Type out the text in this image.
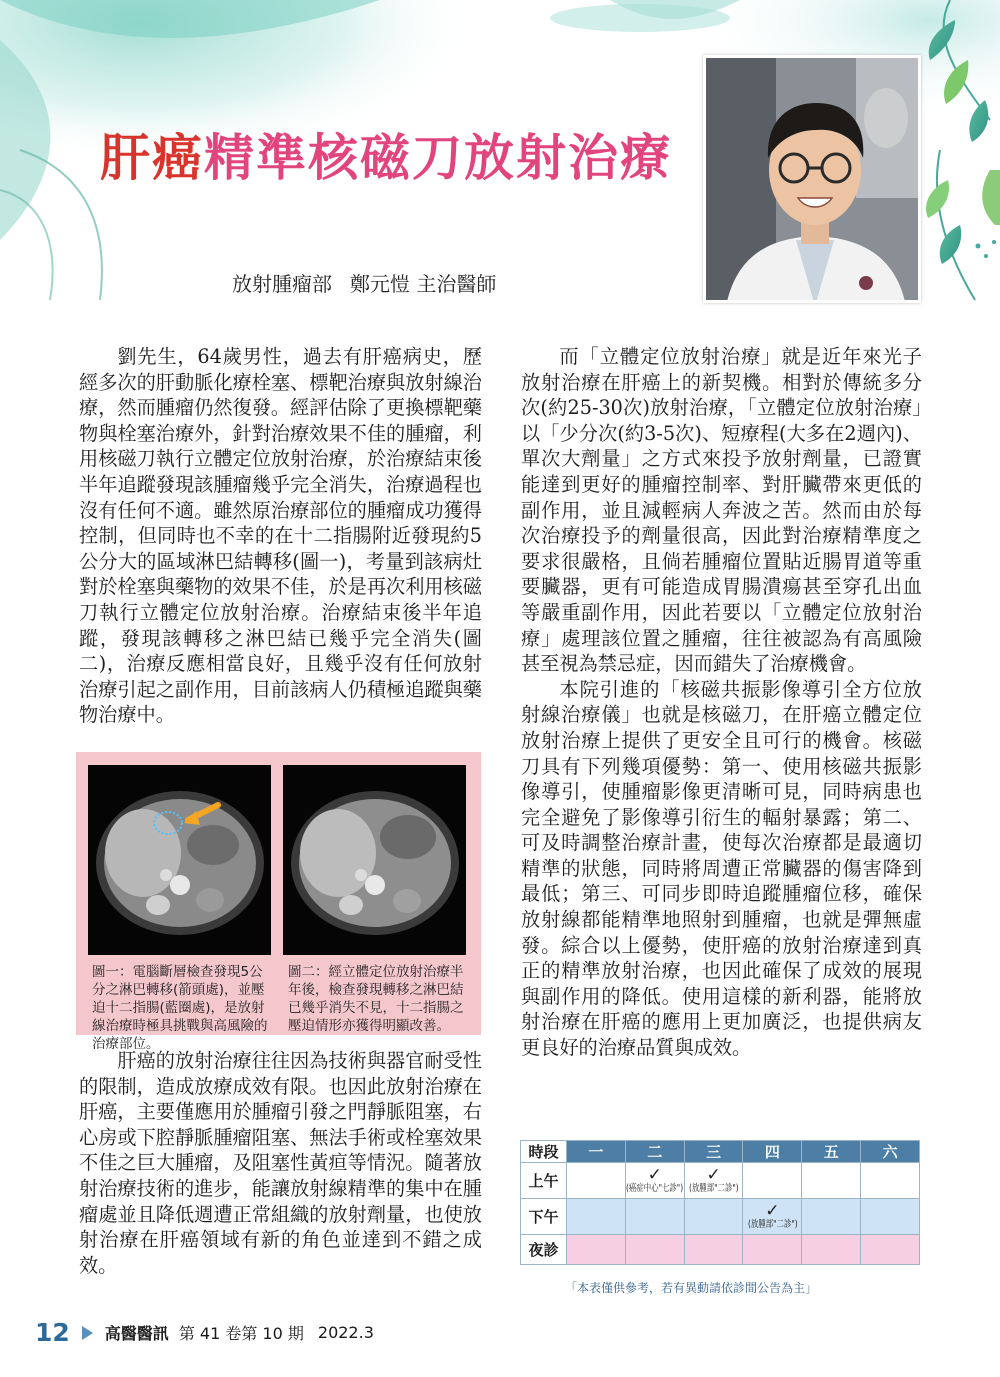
肝癌精準核磁刀放射治療
放射腫瘤部 鄭元愷 主治醫師

劉先生，64歲男性，過去有肝癌病史，歷經多次的肝動脈化療栓塞、標靶治療與放射線治療，然而腫瘤仍然復發。經評估除了更換標靶藥物與栓塞治療外，針對治療效果不佳的腫瘤，利用核磁刀執行立體定位放射治療，於治療結束後半年追蹤發現該腫瘤幾乎完全消失，治療過程也沒有任何不適。雖然原治療部位的腫瘤成功獲得控制，但同時也不幸的在十二指腸附近發現約5公分大的區域淋巴結轉移(圖一)，考量到該病灶對於栓塞與藥物的效果不佳，於是再次利用核磁刀執行立體定位放射治療。治療結束後半年追蹤，發現該轉移之淋巴結已幾乎完全消失(圖二)，治療反應相當良好，且幾乎沒有任何放射治療引起之副作用，目前該病人仍積極追蹤與藥物治療中。

圖一：電腦斷層檢查發現5公分之淋巴轉移(箭頭處)，並壓迫十二指腸(藍圈處)，是放射線治療時極具挑戰與高風險的治療部位。

圖二：經立體定位放射治療半年後，檢查發現轉移之淋巴結已幾乎消失不見，十二指腸之壓迫情形亦獲得明顯改善。

肝癌的放射治療往往因為技術與器官耐受性的限制，造成放療成效有限。也因此放射治療在肝癌，主要僅應用於腫瘤引發之門靜脈阻塞，右心房或下腔靜脈腫瘤阻塞、無法手術或栓塞效果不佳之巨大腫瘤，及阻塞性黃疸等情況。隨著放射治療技術的進步，能讓放射線精準的集中在腫瘤處並且降低週遭正常組織的放射劑量，也使放射治療在肝癌領域有新的角色並達到不錯之成效。

而「立體定位放射治療」就是近年來光子放射治療在肝癌上的新契機。相對於傳統多分次(約25-30次)放射治療，「立體定位放射治療」以「少分次(約3-5次)、短療程(大多在2週內)、單次大劑量」之方式來投予放射劑量，已證實能達到更好的腫瘤控制率、對肝臟帶來更低的副作用，並且減輕病人奔波之苦。然而由於每次治療投予的劑量很高，因此對治療精準度之要求很嚴格，且倘若腫瘤位置貼近腸胃道等重要臟器，更有可能造成胃腸潰瘍甚至穿孔出血等嚴重副作用，因此若要以「立體定位放射治療」處理該位置之腫瘤，往往被認為有高風險甚至視為禁忌症，因而錯失了治療機會。

本院引進的「核磁共振影像導引全方位放射線治療儀」也就是核磁刀，在肝癌立體定位放射治療上提供了更安全且可行的機會。核磁刀具有下列幾項優勢：第一、使用核磁共振影像導引，使腫瘤影像更清晰可見，同時病患也完全避免了影像導引衍生的輻射暴露；第二、可及時調整治療計畫，使每次治療都是最適切精準的狀態，同時將周遭正常臟器的傷害降到最低；第三、可同步即時追蹤腫瘤位移，確保放射線都能精準地照射到腫瘤，也就是彈無虛發。綜合以上優勢，使肝癌的放射治療達到真正的精準放射治療，也因此確保了成效的展現與副作用的降低。使用這樣的新利器，能將放射治療在肝癌的應用上更加廣泛，也提供病友更良好的治療品質與成效。

時段	一	二	三	四	五	六
上午		✓
(癌症中心"七診")	✓
(放腫部"二診")			

下午				✓
(放腫部"二診")		

夜診						
「本表僅供參考，若有異動請依診間公告為主」
12 高醫醫訊 第 41 卷第 10 期 2022.3
